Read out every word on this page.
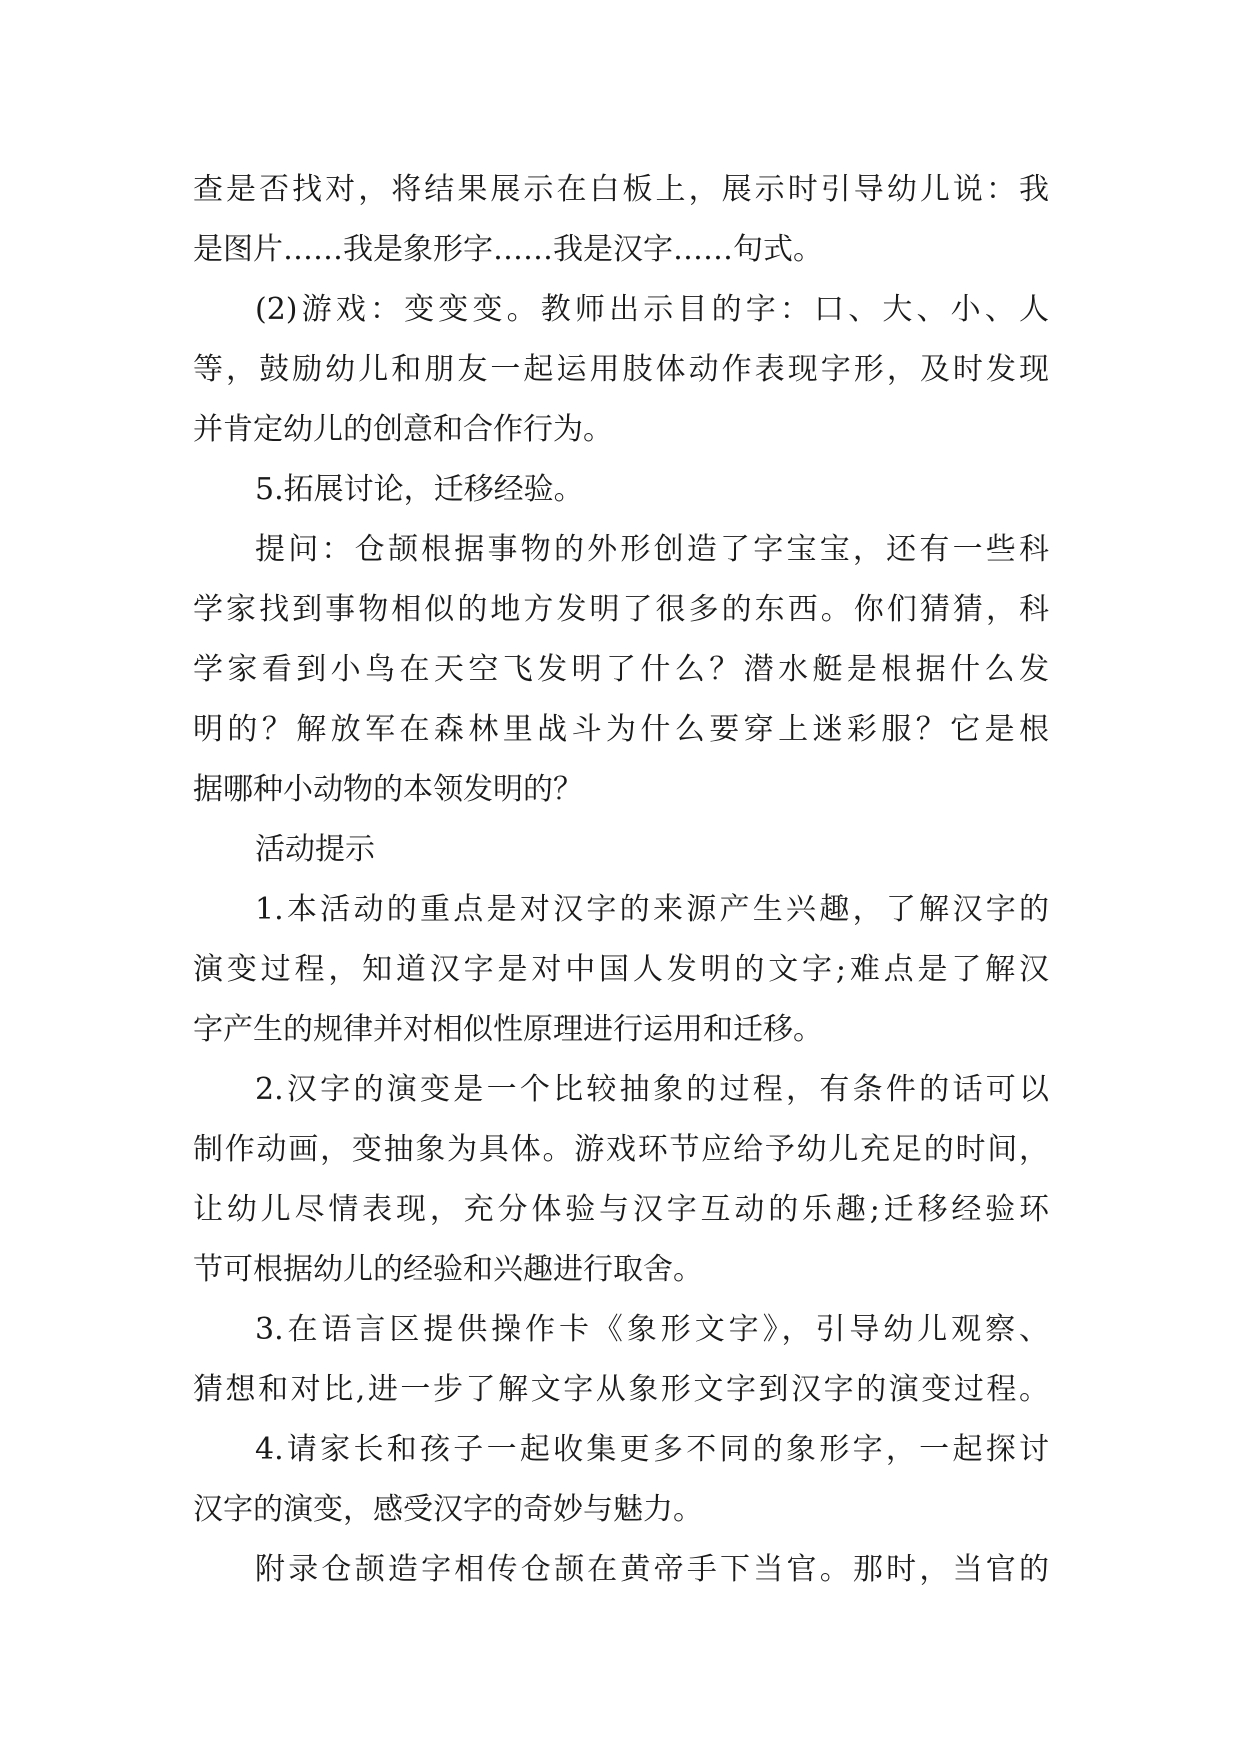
查是否找对，将结果展示在白板上，展示时引导幼儿说：我
是图片……我是象形字……我是汉字……句式。
(2)游戏：变变变。教师出示目的字：口、大、小、人
等，鼓励幼儿和朋友一起运用肢体动作表现字形，及时发现
并肯定幼儿的创意和合作行为。
5.拓展讨论，迁移经验。
提问：仓颉根据事物的外形创造了字宝宝，还有一些科
学家找到事物相似的地方发明了很多的东西。你们猜猜，科
学家看到小鸟在天空飞发明了什么？潜水艇是根据什么发
明的？解放军在森林里战斗为什么要穿上迷彩服？它是根
据哪种小动物的本领发明的？
活动提示
1.本活动的重点是对汉字的来源产生兴趣，了解汉字的
演变过程，知道汉字是对中国人发明的文字;难点是了解汉
字产生的规律并对相似性原理进行运用和迁移。
2.汉字的演变是一个比较抽象的过程，有条件的话可以
制作动画，变抽象为具体。游戏环节应给予幼儿充足的时间，
让幼儿尽情表现，充分体验与汉字互动的乐趣;迁移经验环
节可根据幼儿的经验和兴趣进行取舍。
3.在语言区提供操作卡《象形文字》，引导幼儿观察、
猜想和对比,进一步了解文字从象形文字到汉字的演变过程。
4.请家长和孩子一起收集更多不同的象形字，一起探讨
汉字的演变，感受汉字的奇妙与魅力。
附录仓颉造字相传仓颉在黄帝手下当官。那时，当官的
